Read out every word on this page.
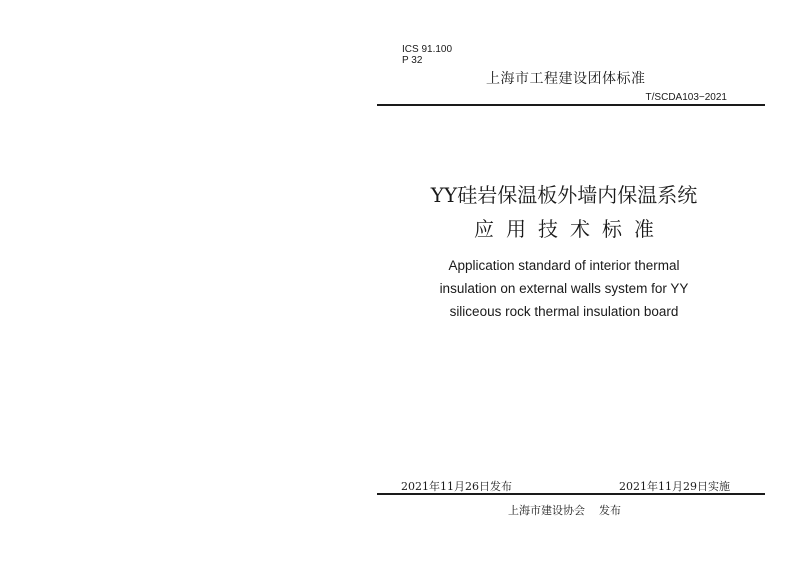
ICS 91.100
P 32
上海市工程建设团体标准
T/SCDA103−2021
YY硅岩保温板外墙内保温系统
应用技术标准
Application standard of interior thermal
insulation on external walls system for YY
siliceous rock thermal insulation board
2021年11月26日发布	2021年11月29日实施
上海市建设协会 发布
